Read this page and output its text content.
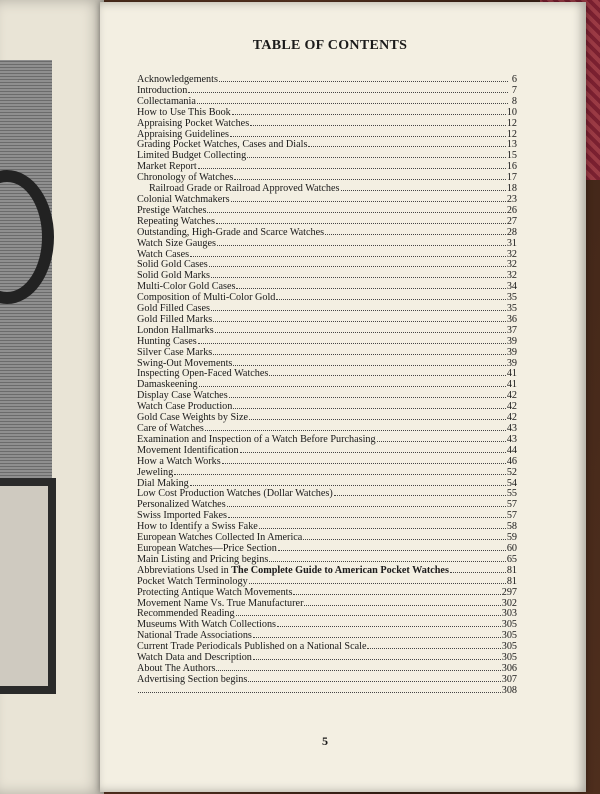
TABLE OF CONTENTS
Acknowledgements	6
Introduction	7
Collectamania	8
How to Use This Book	10
Appraising Pocket Watches	12
Appraising Guidelines	12
Grading Pocket Watches, Cases and Dials	13
Limited Budget Collecting	15
Market Report	16
Chronology of Watches	17
Railroad Grade or Railroad Approved Watches	18
Colonial Watchmakers	23
Prestige Watches	26
Repeating Watches	27
Outstanding, High-Grade and Scarce Watches	28
Watch Size Gauges	31
Watch Cases	32
Solid Gold Cases	32
Solid Gold Marks	32
Multi-Color Gold Cases	34
Composition of Multi-Color Gold	35
Gold Filled Cases	35
Gold Filled Marks	36
London Hallmarks	37
Hunting Cases	39
Silver Case Marks	39
Swing-Out Movements	39
Inspecting Open-Faced Watches	41
Damaskeening	41
Display Case Watches	42
Watch Case Production	42
Gold Case Weights by Size	42
Care of Watches	43
Examination and Inspection of a Watch Before Purchasing	43
Movement Identification	44
How a Watch Works	46
Jeweling	52
Dial Making	54
Low Cost Production Watches (Dollar Watches)	55
Personalized Watches	57
Swiss Imported Fakes	57
How to Identify a Swiss Fake	58
European Watches Collected In America	59
European Watches—Price Section	60
Main Listing and Pricing begins	65
Abbreviations Used in The Complete Guide to American Pocket Watches	81
Pocket Watch Terminology	81
Protecting Antique Watch Movements	297
Movement Name Vs. True Manufacturer	302
Recommended Reading	303
Museums With Watch Collections	305
National Trade Associations	305
Current Trade Periodicals Published on a National Scale	305
Watch Data and Description	305
About The Authors	306
Advertising Section begins	307
308
5
